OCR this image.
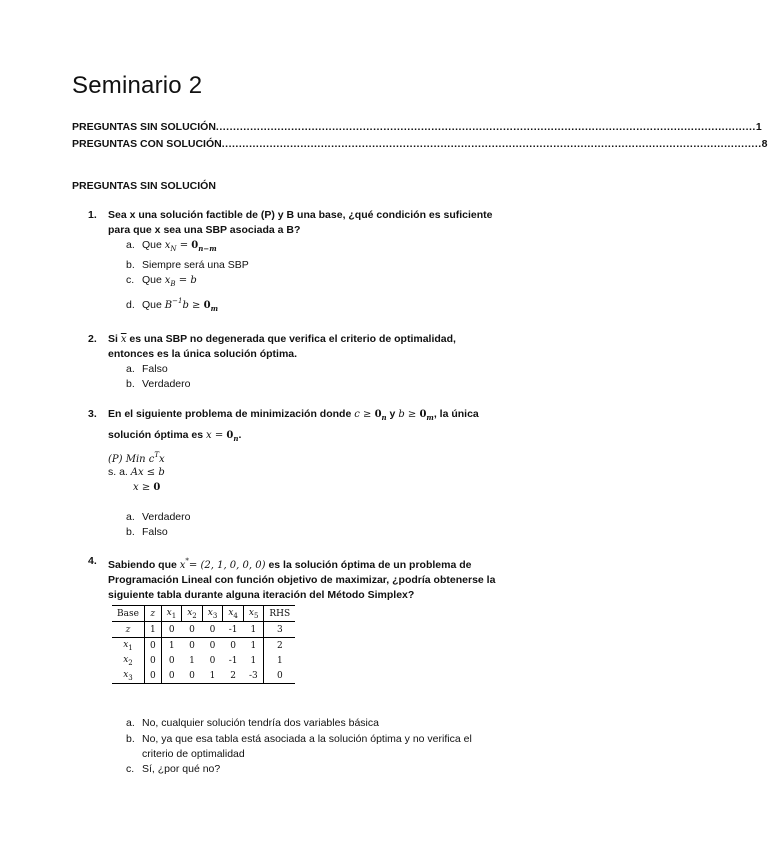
Seminario 2
PREGUNTAS SIN SOLUCIÓN .............................................................................................................................................................. 1
PREGUNTAS CON SOLUCIÓN .............................................................................................................................................................. 8
PREGUNTAS SIN SOLUCIÓN
1. Sea x una solución factible de (P) y B una base, ¿qué condición es suficiente
para que x sea una SBP asociada a B?
a. Que $x_N = 0_{n-m}$
b. Siempre será una SBP
c. Que $x_B = b$
d. Que $B^{-1}b \ge 0_m$
2. Si $\overline{x}$ es una SBP no degenerada que verifica el criterio de optimalidad,
entonces es la única solución óptima.
a. Falso
b. Verdadero
3. En el siguiente problema de minimización donde $c \ge 0_n$ y $b \ge 0_m$, la única
solución óptima es $x = 0_n$.
(P) Min $c^Tx$
s. a. Ax ≤ b
x ≥ 0
a. Verdadero
b. Falso
4. Sabiendo que x*= (2, 1, 0, 0, 0) es la solución óptima de un problema de
Programación Lineal con función objetivo de maximizar, ¿podría obtenerse la
siguiente tabla durante alguna iteración del Método Simplex?
Base	z	$x_1$	$x_2$	$x_3$	$x_4$	$x_5$	RHS
z	1	0	0	0	-1	1	3
$x_1$	0	1	0	0	0	1	2
$x_2$	0	0	1	0	-1	1	1
$x_3$	0	0	0	1	2	-3	0
a. No, cualquier solución tendría dos variables básica
b. No, ya que esa tabla está asociada a la solución óptima y no verifica el
criterio de optimalidad
c. Sí, ¿por qué no?
